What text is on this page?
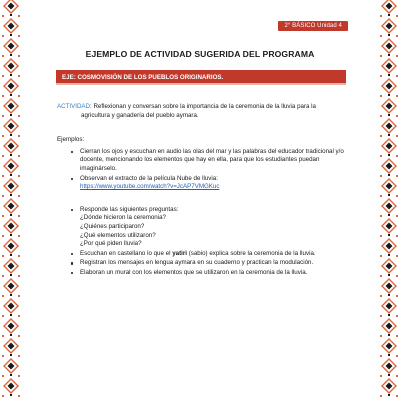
2° BÁSICO Unidad 4
EJEMPLO DE ACTIVIDAD SUGERIDA DEL PROGRAMA
EJE: COSMOVISIÓN DE LOS PUEBLOS ORIGINARIOS.
ACTIVIDAD: Reflexionan y conversan sobre la importancia de la ceremonia de la lluvia para la
agricultura y ganadería del pueblo aymara.
Ejemplos:
Cierran los ojos y escuchan en audio las olas del mar y las palabras del educador tradicional y/o docente, mencionando los elementos que hay en ella, para que los estudiantes puedan imaginárselo.
Observan el extracto de la película Nube de lluvia:
https://www.youtube.com/watch?v=JcAP7VMGKuc
Responde las siguientes preguntas:
¿Dónde hicieron la ceremonia?
¿Quiénes participaron?
¿Qué elementos utilizaron?
¿Por qué piden lluvia?
Escuchan en castellano lo que el yatiri (sabio) explica sobre la ceremonia de la lluvia.
Registran los mensajes en lengua aymara en su cuaderno y practican la modulación.
Elaboran un mural con los elementos que se utilizaron en la ceremonia de la lluvia.
